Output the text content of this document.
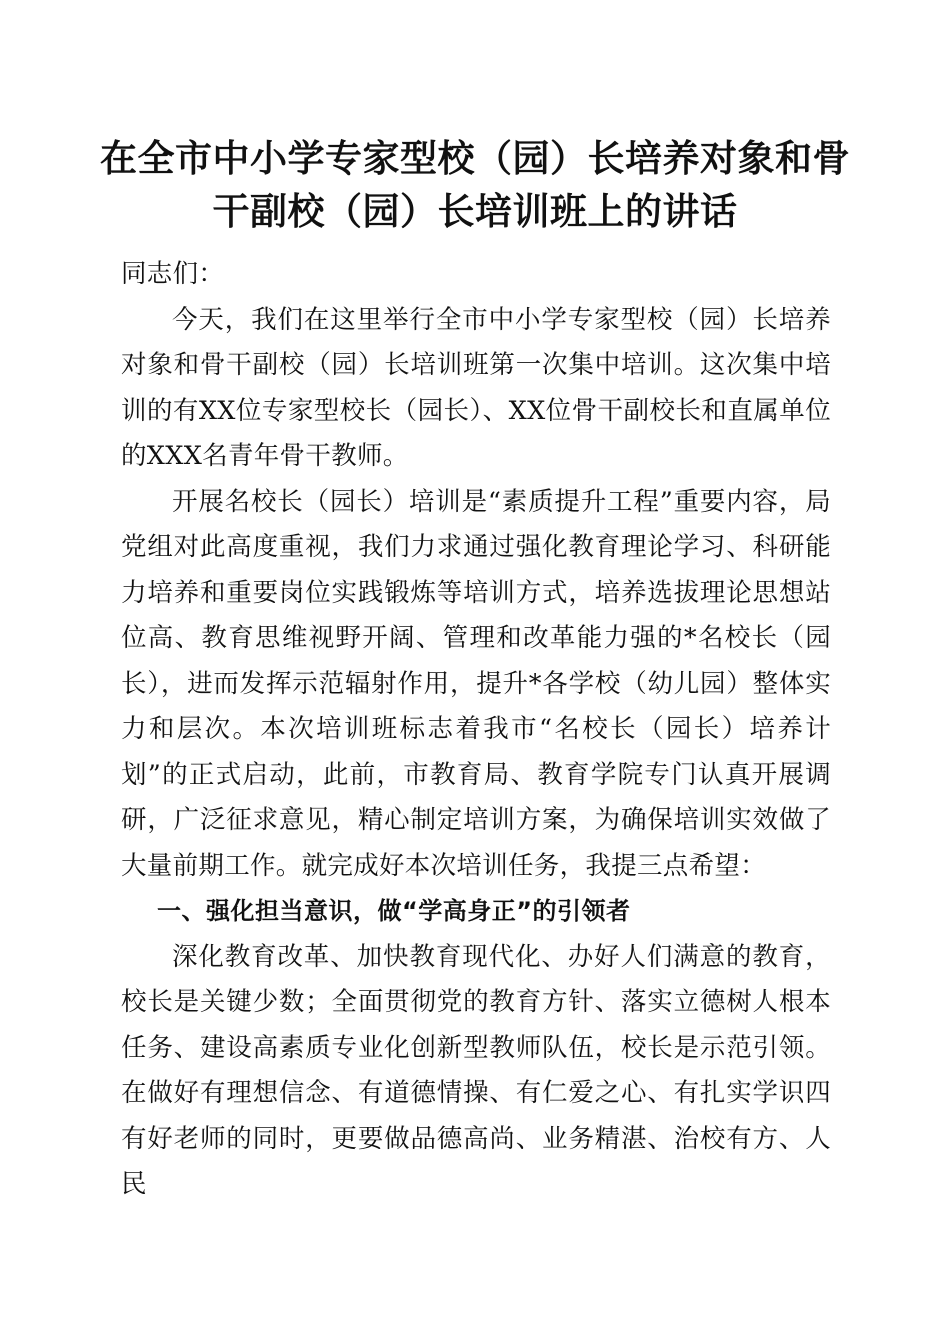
在全市中小学专家型校（园）长培养对象和骨
干副校（园）长培训班上的讲话

同志们：

今天，我们在这里举行全市中小学专家型校（园）长培养对象和骨干副校（园）长培训班第一次集中培训。这次集中培训的有XX位专家型校长（园长）、XX位骨干副校长和直属单位的XXX名青年骨干教师。

开展名校长（园长）培训是“素质提升工程”重要内容，局党组对此高度重视，我们力求通过强化教育理论学习、科研能力培养和重要岗位实践锻炼等培训方式，培养选拔理论思想站位高、教育思维视野开阔、管理和改革能力强的*名校长（园长），进而发挥示范辐射作用，提升*各学校（幼儿园）整体实力和层次。本次培训班标志着我市“名校长（园长）培养计划”的正式启动，此前，市教育局、教育学院专门认真开展调研，广泛征求意见，精心制定培训方案，为确保培训实效做了大量前期工作。就完成好本次培训任务，我提三点希望：

一、强化担当意识，做“学高身正”的引领者

深化教育改革、加快教育现代化、办好人们满意的教育，校长是关键少数；全面贯彻党的教育方针、落实立德树人根本任务、建设高素质专业化创新型教师队伍，校长是示范引领。在做好有理想信念、有道德情操、有仁爱之心、有扎实学识四有好老师的同时，更要做品德高尚、业务精湛、治校有方、人民
